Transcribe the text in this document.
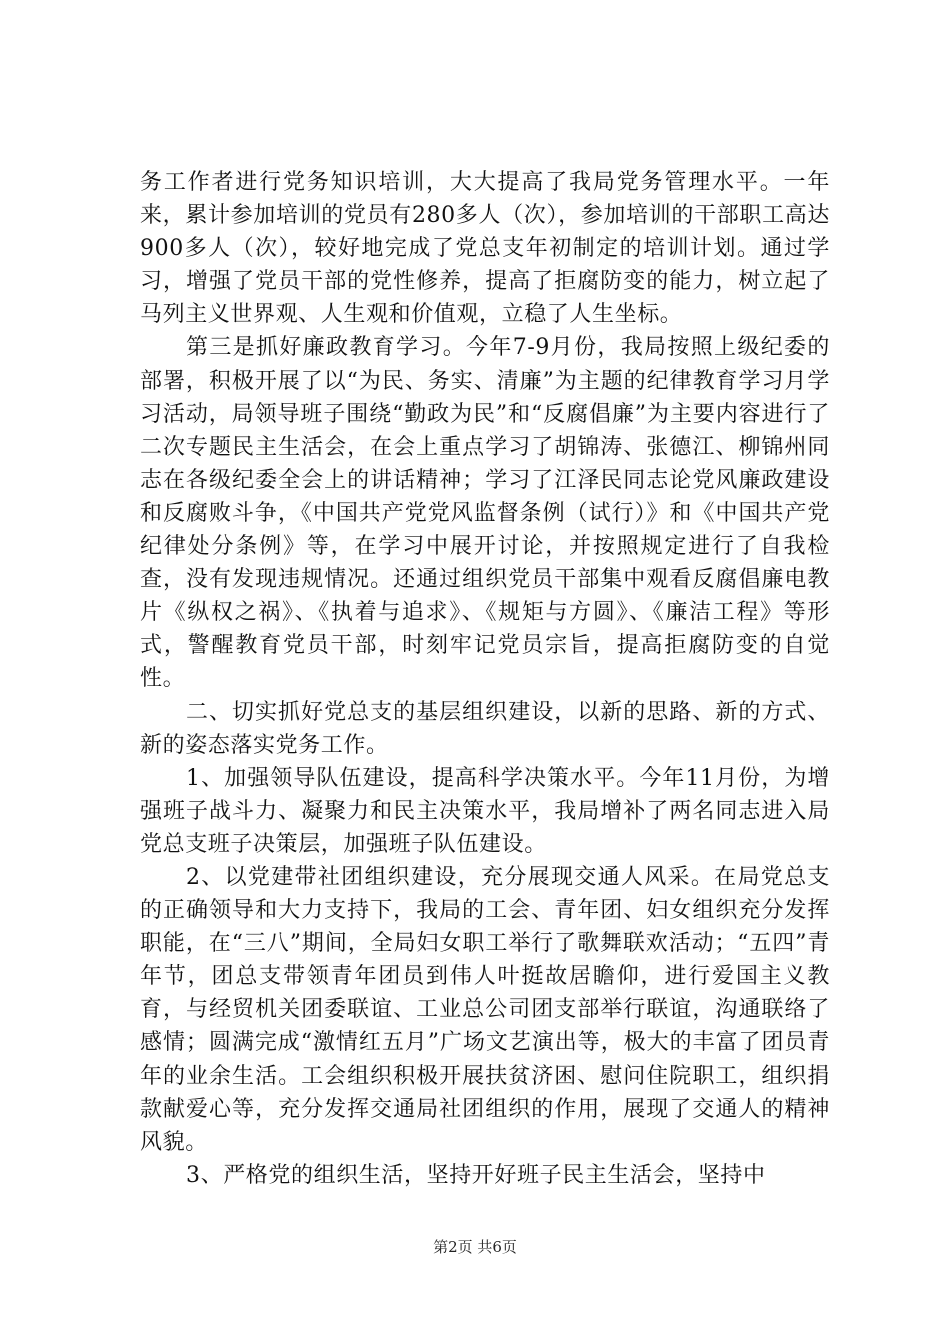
务工作者进行党务知识培训，大大提高了我局党务管理水平。一年来，累计参加培训的党员有280多人（次），参加培训的干部职工高达900多人（次），较好地完成了党总支年初制定的培训计划。通过学习，增强了党员干部的党性修养，提高了拒腐防变的能力，树立起了马列主义世界观、人生观和价值观，立稳了人生坐标。

第三是抓好廉政教育学习。今年7-9月份，我局按照上级纪委的部署，积极开展了以“为民、务实、清廉”为主题的纪律教育学习月学习活动，局领导班子围绕“勤政为民”和“反腐倡廉”为主要内容进行了二次专题民主生活会，在会上重点学习了胡锦涛、张德江、柳锦州同志在各级纪委全会上的讲话精神；学习了江泽民同志论党风廉政建设和反腐败斗争，《中国共产党党风监督条例（试行）》和《中国共产党纪律处分条例》等，在学习中展开讨论，并按照规定进行了自我检查，没有发现违规情况。还通过组织党员干部集中观看反腐倡廉电教片《纵权之祸》、《执着与追求》、《规矩与方圆》、《廉洁工程》等形式，警醒教育党员干部，时刻牢记党员宗旨，提高拒腐防变的自觉性。

二、切实抓好党总支的基层组织建设，以新的思路、新的方式、新的姿态落实党务工作。

1、加强领导队伍建设，提高科学决策水平。今年11月份，为增强班子战斗力、凝聚力和民主决策水平，我局增补了两名同志进入局党总支班子决策层，加强班子队伍建设。

2、以党建带社团组织建设，充分展现交通人风采。在局党总支的正确领导和大力支持下，我局的工会、青年团、妇女组织充分发挥职能，在“三八”期间，全局妇女职工举行了歌舞联欢活动；“五四”青年节，团总支带领青年团员到伟人叶挺故居瞻仰，进行爱国主义教育，与经贸机关团委联谊、工业总公司团支部举行联谊，沟通联络了感情；圆满完成“激情红五月”广场文艺演出等，极大的丰富了团员青年的业余生活。工会组织积极开展扶贫济困、慰问住院职工，组织捐款献爱心等，充分发挥交通局社团组织的作用，展现了交通人的精神风貌。

3、严格党的组织生活，坚持开好班子民主生活会，坚持中

第2页 共6页
